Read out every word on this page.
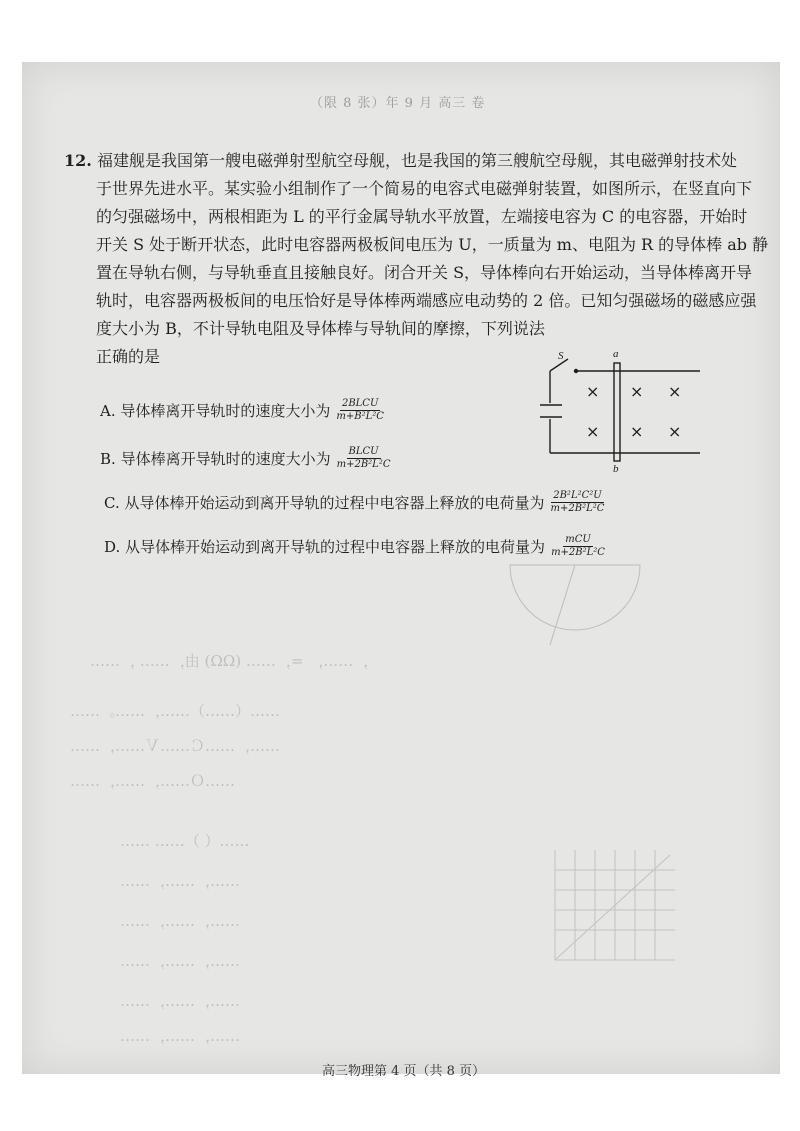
（限 8 张）年 9 月 高三 卷
，……， =，…… (ΩΩ) 由，…… ，……
……（……）……，……。……
……，……Ｃ……Ｖ……，……
……Ｏ……，……，……
……（ ）…… ……
……，……，……
……，……，……
……，……，……
……，……，……
……，……，……
12. 福建舰是我国第一艘电磁弹射型航空母舰，也是我国的第三艘航空母舰，其电磁弹射技术处
于世界先进水平。某实验小组制作了一个简易的电容式电磁弹射装置，如图所示，在竖直向下
的匀强磁场中，两根相距为 L 的平行金属导轨水平放置，左端接电容为 C 的电容器，开始时
开关 S 处于断开状态，此时电容器两极板间电压为 U，一质量为 m、电阻为 R 的导体棒 ab 静
置在导轨右侧，与导轨垂直且接触良好。闭合开关 S，导体棒向右开始运动，当导体棒离开导
轨时，电容器两极板间的电压恰好是导体棒两端感应电动势的 2 倍。已知匀强磁场的磁感应强
度大小为 B，不计导轨电阻及导体棒与导轨间的摩擦，下列说法
正确的是
A.
导体棒离开导轨时的速度大小为 $\frac{\text{2BLCU}}{\text{m+B²L²C}}$
B.
导体棒离开导轨时的速度大小为 $\frac{\text{BLCU}}{\text{m+2B²L²C}}$
C.
从导体棒开始运动到离开导轨的过程中电容器上释放的电荷量为 $\frac{\text{2B²L²C²U}}{\text{m+2B²L²C}}$
D.
从导体棒开始运动到离开导轨的过程中电容器上释放的电荷量为 $\frac{\text{mCU}}{\text{m+2B²L²C}}$
S	a
b
× × ×
× × ×
高三物理第 4 页（共 8 页）
